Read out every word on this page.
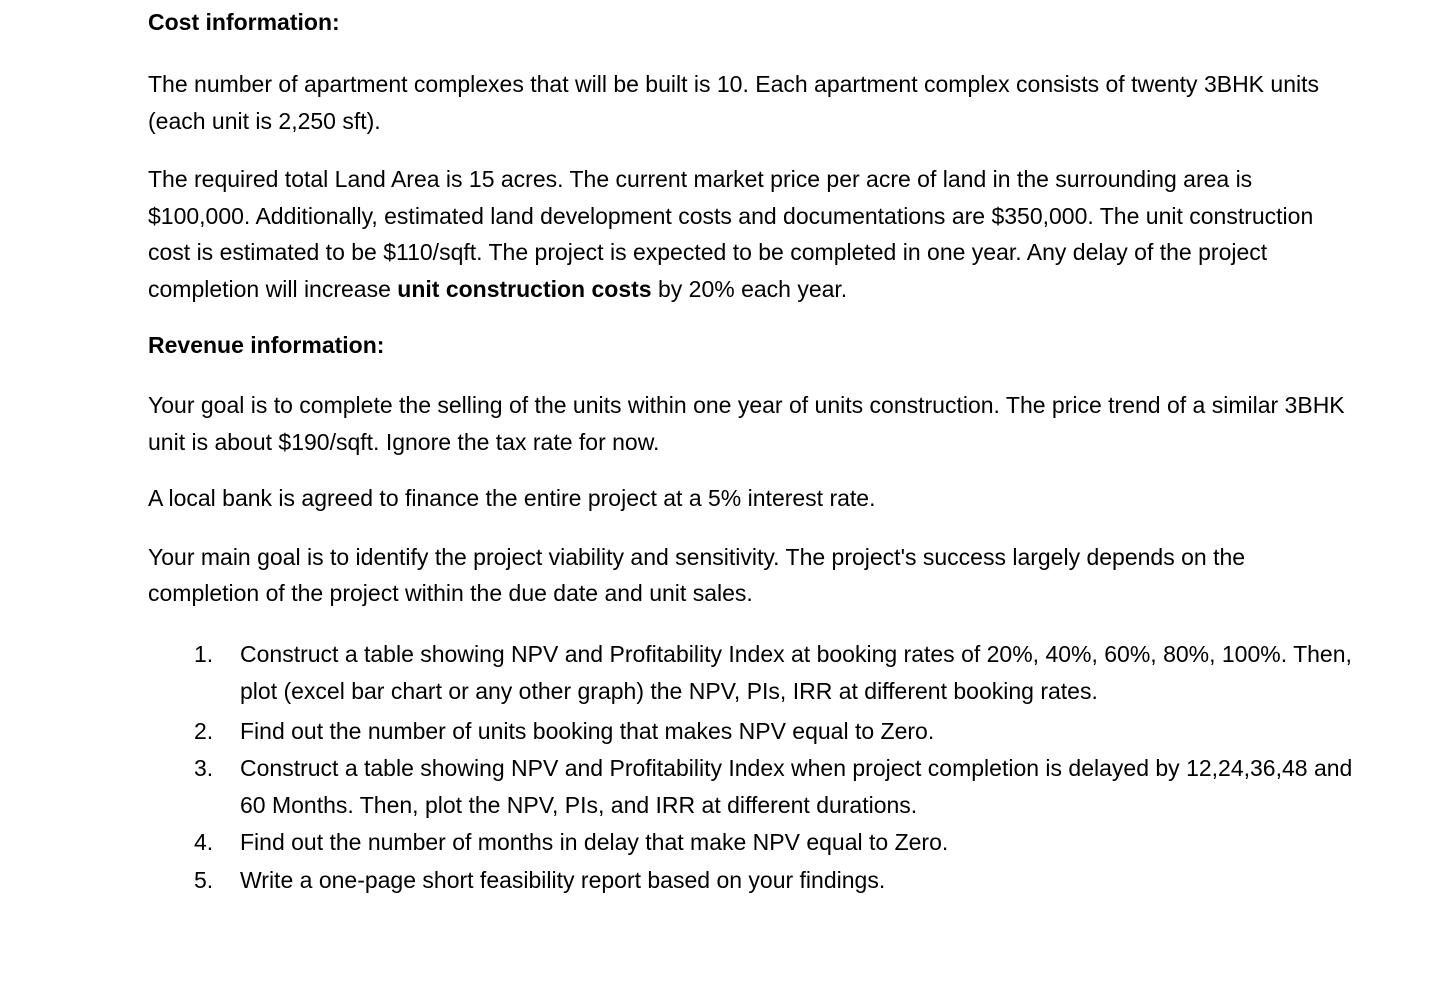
Cost information:

The number of apartment complexes that will be built is 10. Each apartment complex consists of twenty 3BHK units (each unit is 2,250 sft).

The required total Land Area is 15 acres. The current market price per acre of land in the surrounding area is $100,000. Additionally, estimated land development costs and documentations are $350,000. The unit construction cost is estimated to be $110/sqft. The project is expected to be completed in one year. Any delay of the project completion will increase unit construction costs by 20% each year.

Revenue information:

Your goal is to complete the selling of the units within one year of units construction. The price trend of a similar 3BHK unit is about $190/sqft. Ignore the tax rate for now.

A local bank is agreed to finance the entire project at a 5% interest rate.

Your main goal is to identify the project viability and sensitivity. The project's success largely depends on the completion of the project within the due date and unit sales.

1. Construct a table showing NPV and Profitability Index at booking rates of 20%, 40%, 60%, 80%, 100%. Then, plot (excel bar chart or any other graph) the NPV, PIs, IRR at different booking rates.
2. Find out the number of units booking that makes NPV equal to Zero.
3. Construct a table showing NPV and Profitability Index when project completion is delayed by 12,24,36,48 and 60 Months. Then, plot the NPV, PIs, and IRR at different durations.
4. Find out the number of months in delay that make NPV equal to Zero.
5. Write a one-page short feasibility report based on your findings.
